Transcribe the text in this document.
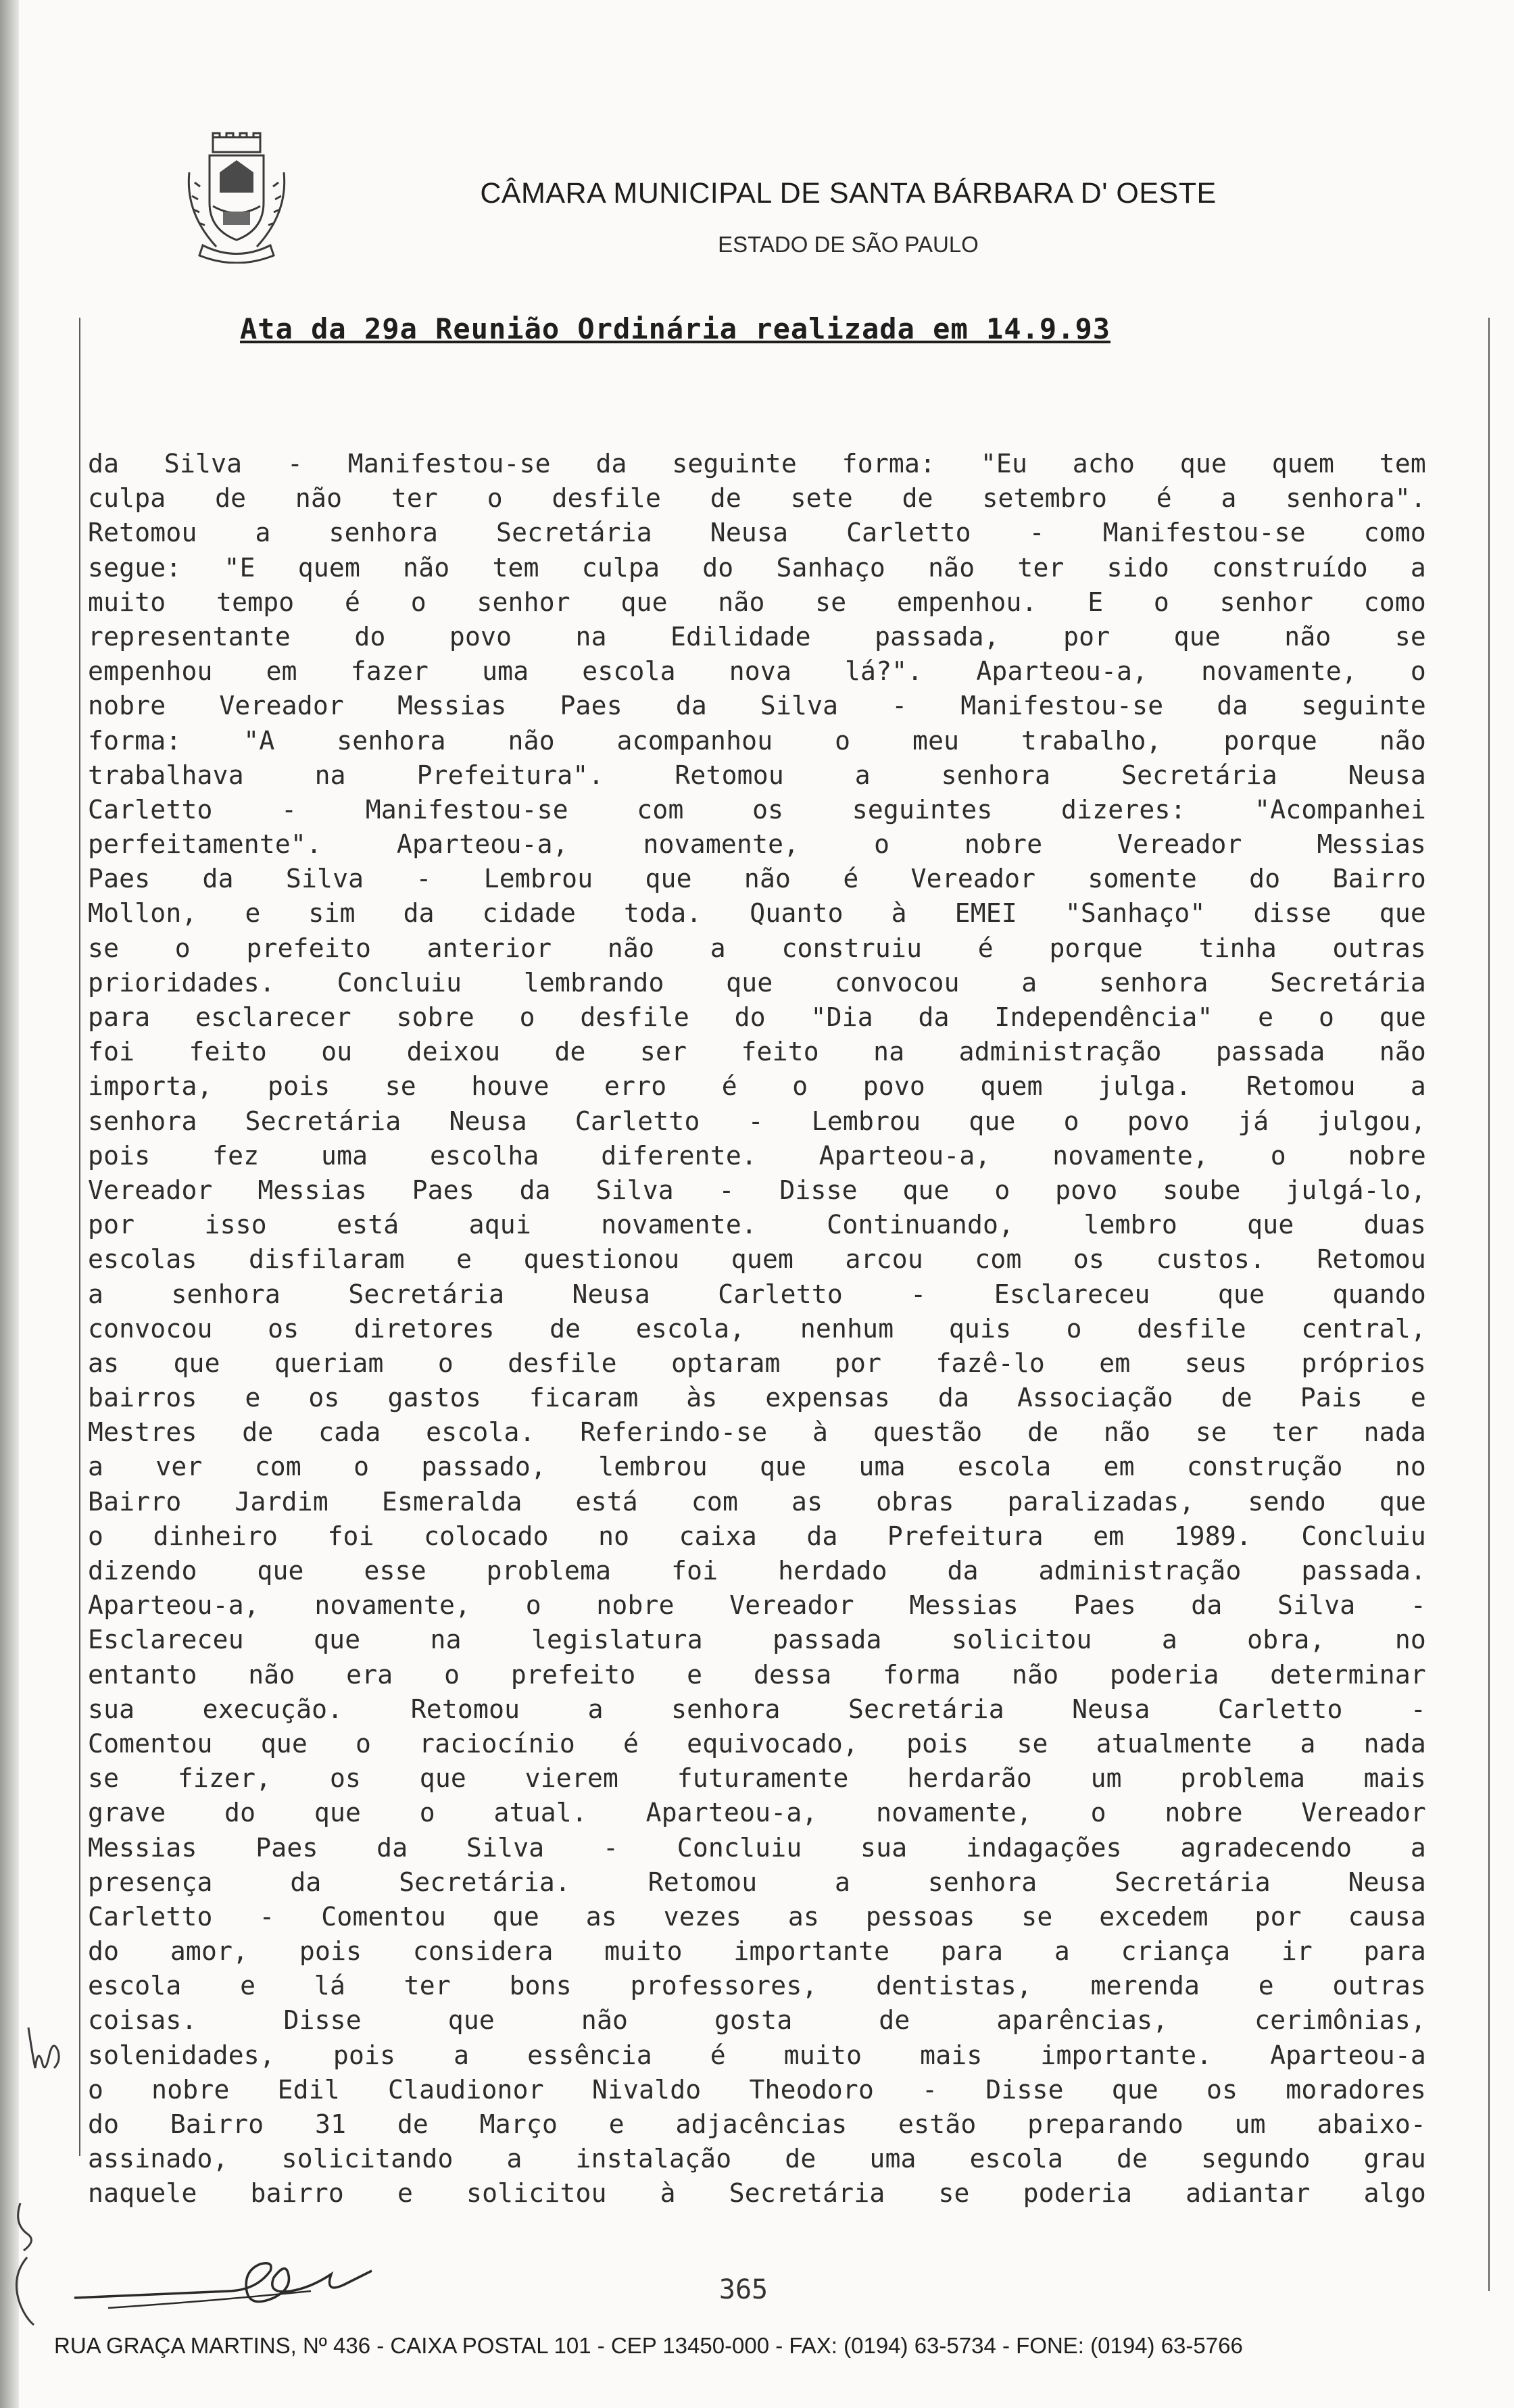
CÂMARA MUNICIPAL DE SANTA BÁRBARA D' OESTE
ESTADO DE SÃO PAULO
Ata da 29a Reunião Ordinária realizada em 14.9.93
da Silva - Manifestou-se da seguinte forma: "Eu acho que quem tem
culpa de não ter o desfile de sete de setembro é a senhora".
Retomou a senhora Secretária Neusa Carletto - Manifestou-se como
segue: "E quem não tem culpa do Sanhaço não ter sido construído a
muito tempo é o senhor que não se empenhou. E o senhor como
representante do povo na Edilidade passada, por que não se
empenhou em fazer uma escola nova lá?". Aparteou-a, novamente, o
nobre Vereador Messias Paes da Silva - Manifestou-se da seguinte
forma: "A senhora não acompanhou o meu trabalho, porque não
trabalhava na Prefeitura". Retomou a senhora Secretária Neusa
Carletto - Manifestou-se com os seguintes dizeres: "Acompanhei
perfeitamente". Aparteou-a, novamente, o nobre Vereador Messias
Paes da Silva - Lembrou que não é Vereador somente do Bairro
Mollon, e sim da cidade toda. Quanto à EMEI "Sanhaço" disse que
se o prefeito anterior não a construiu é porque tinha outras
prioridades. Concluiu lembrando que convocou a senhora Secretária
para esclarecer sobre o desfile do "Dia da Independência" e o que
foi feito ou deixou de ser feito na administração passada não
importa, pois se houve erro é o povo quem julga. Retomou a
senhora Secretária Neusa Carletto - Lembrou que o povo já julgou,
pois fez uma escolha diferente. Aparteou-a, novamente, o nobre
Vereador Messias Paes da Silva - Disse que o povo soube julgá-lo,
por isso está aqui novamente. Continuando, lembro que duas
escolas disfilaram e questionou quem arcou com os custos. Retomou
a senhora Secretária Neusa Carletto - Esclareceu que quando
convocou os diretores de escola, nenhum quis o desfile central,
as que queriam o desfile optaram por fazê-lo em seus próprios
bairros e os gastos ficaram às expensas da Associação de Pais e
Mestres de cada escola. Referindo-se à questão de não se ter nada
a ver com o passado, lembrou que uma escola em construção no
Bairro Jardim Esmeralda está com as obras paralizadas, sendo que
o dinheiro foi colocado no caixa da Prefeitura em 1989. Concluiu
dizendo que esse problema foi herdado da administração passada.
Aparteou-a, novamente, o nobre Vereador Messias Paes da Silva -
Esclareceu que na legislatura passada solicitou a obra, no
entanto não era o prefeito e dessa forma não poderia determinar
sua execução. Retomou a senhora Secretária Neusa Carletto -
Comentou que o raciocínio é equivocado, pois se atualmente a nada
se fizer, os que vierem futuramente herdarão um problema mais
grave do que o atual. Aparteou-a, novamente, o nobre Vereador
Messias Paes da Silva - Concluiu sua indagações agradecendo a
presença da Secretária. Retomou a senhora Secretária Neusa
Carletto - Comentou que as vezes as pessoas se excedem por causa
do amor, pois considera muito importante para a criança ir para
escola e lá ter bons professores, dentistas, merenda e outras
coisas. Disse que não gosta de aparências, cerimônias,
solenidades, pois a essência é muito mais importante. Aparteou-a
o nobre Edil Claudionor Nivaldo Theodoro - Disse que os moradores
do Bairro 31 de Março e adjacências estão preparando um abaixo-
assinado, solicitando a instalação de uma escola de segundo grau
naquele bairro e solicitou à Secretária se poderia adiantar algo
365
RUA GRAÇA MARTINS, Nº 436 - CAIXA POSTAL 101 - CEP 13450-000 - FAX: (0194) 63-5734 - FONE: (0194) 63-5766
